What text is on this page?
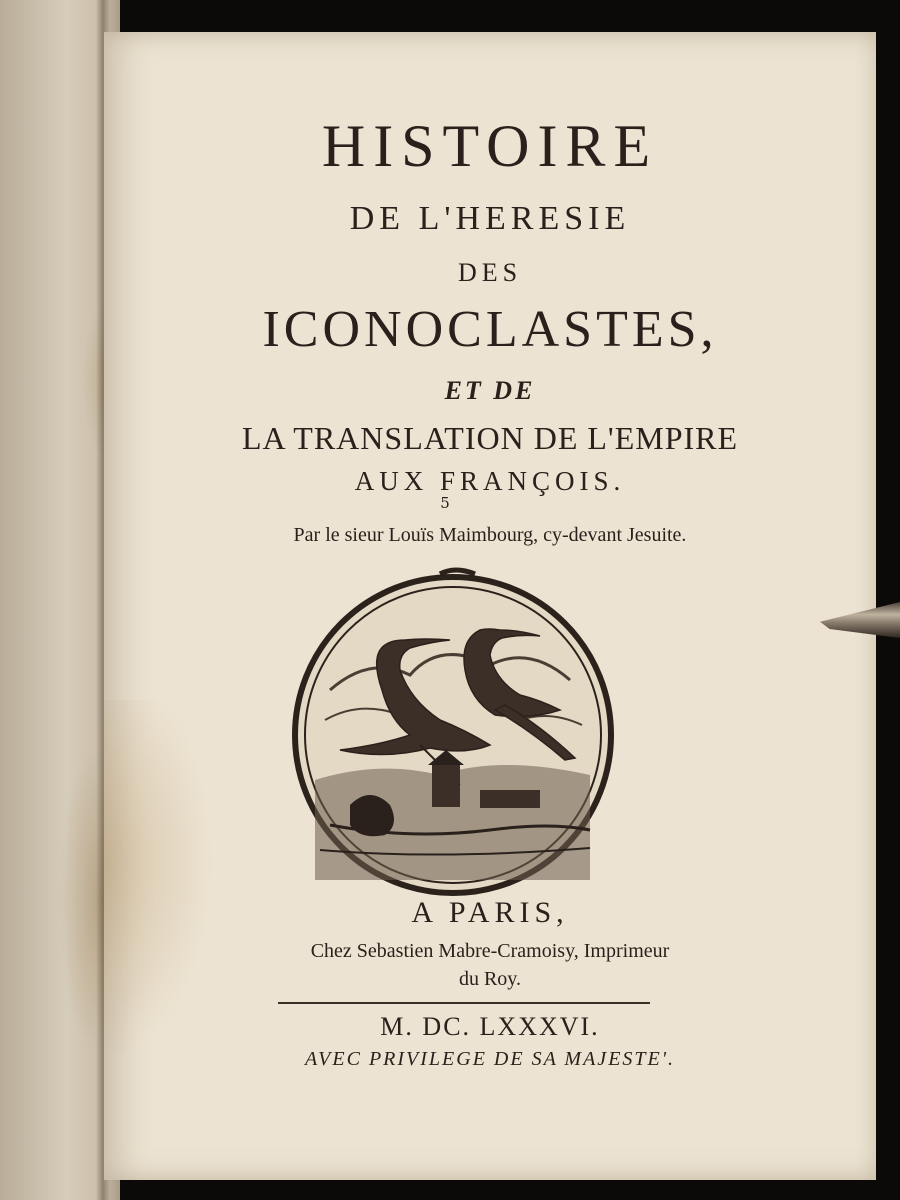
HISTOIRE
DE L'HERESIE
DES
ICONOCLASTES,
ET DE
LA TRANSLATION DE L'EMPIRE
AUX FRANÇOIS.
5
Par le sieur Louïs Maimbourg, cy-devant Jesuite.
A PARIS,
Chez Sebastien Mabre-Cramoisy, Imprimeur
du Roy.
M. DC. LXXXVI.
AVEC PRIVILEGE DE SA MAJESTE'.
